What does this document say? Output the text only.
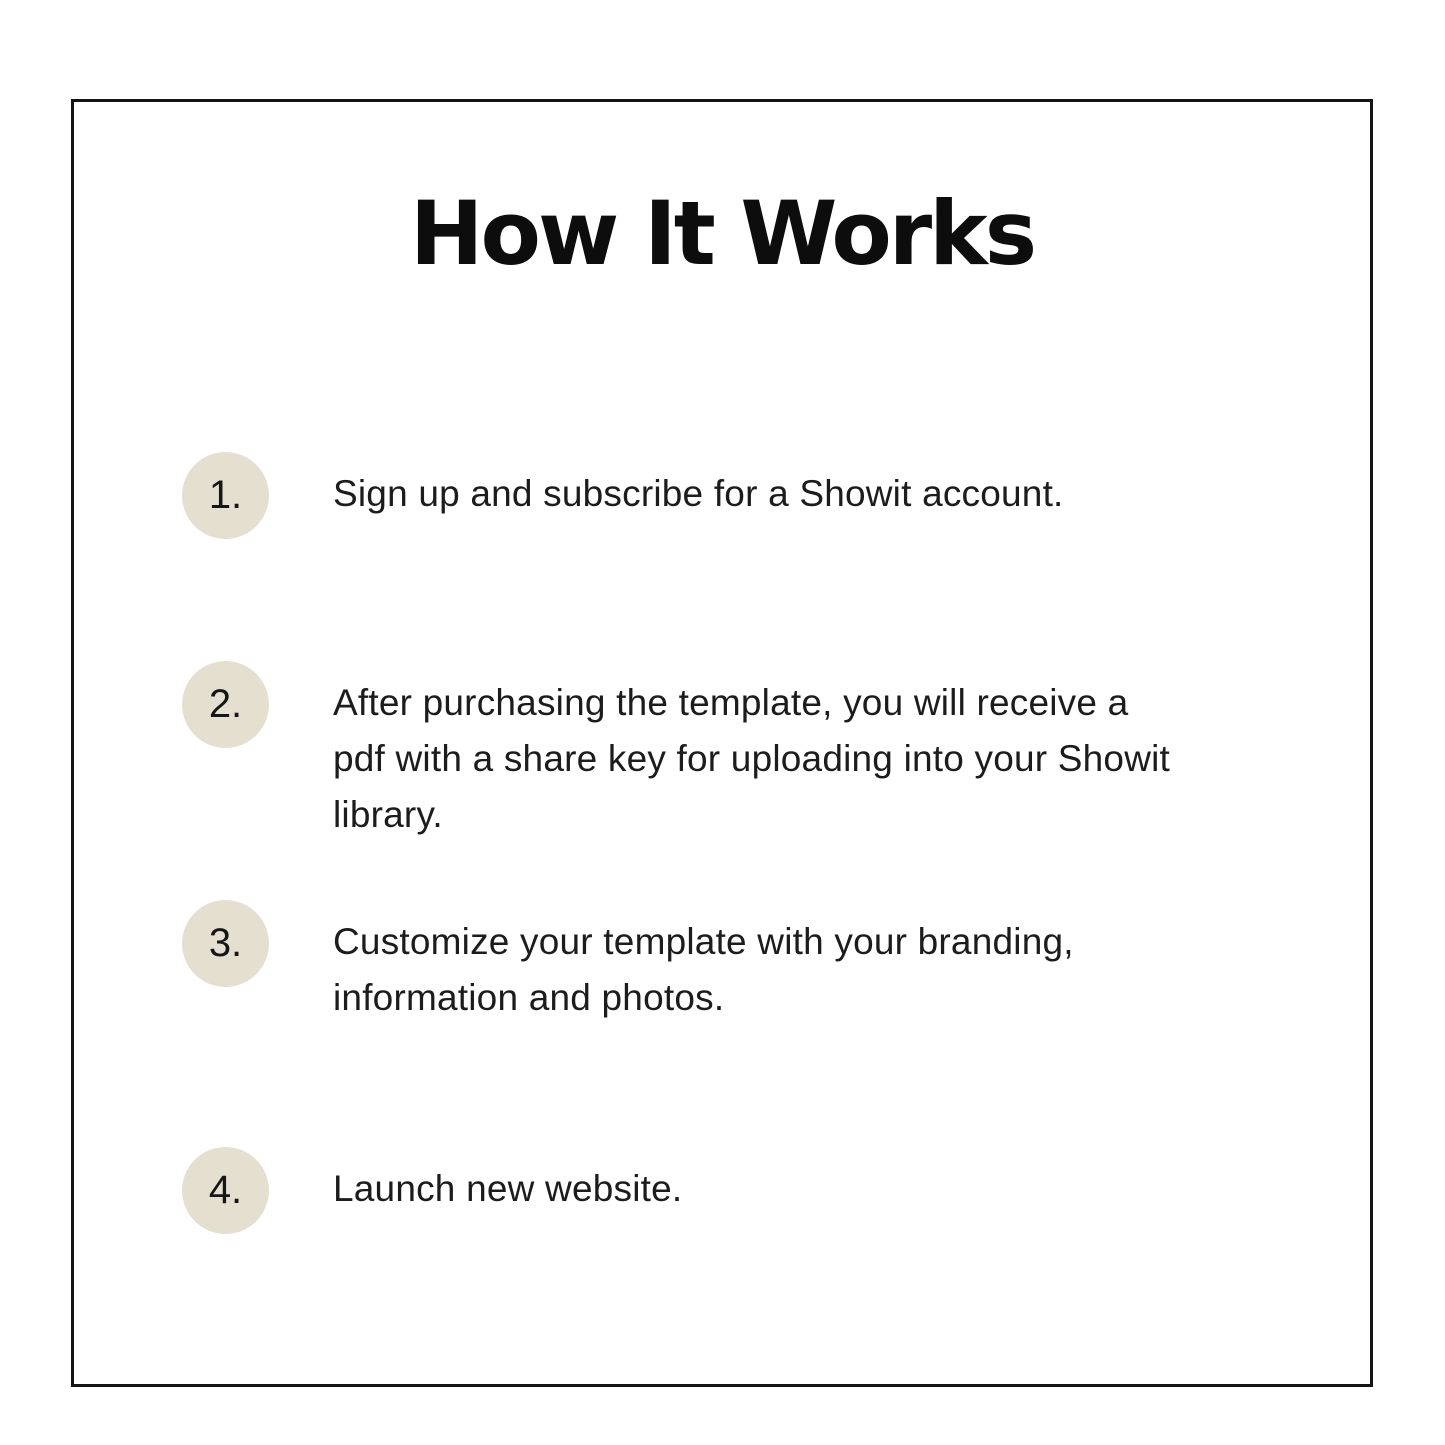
How It Works
1. Sign up and subscribe for a Showit account.
2. After purchasing the template, you will receive a
pdf with a share key for uploading into your Showit
library.
3. Customize your template with your branding,
information and photos.
4. Launch new website.
